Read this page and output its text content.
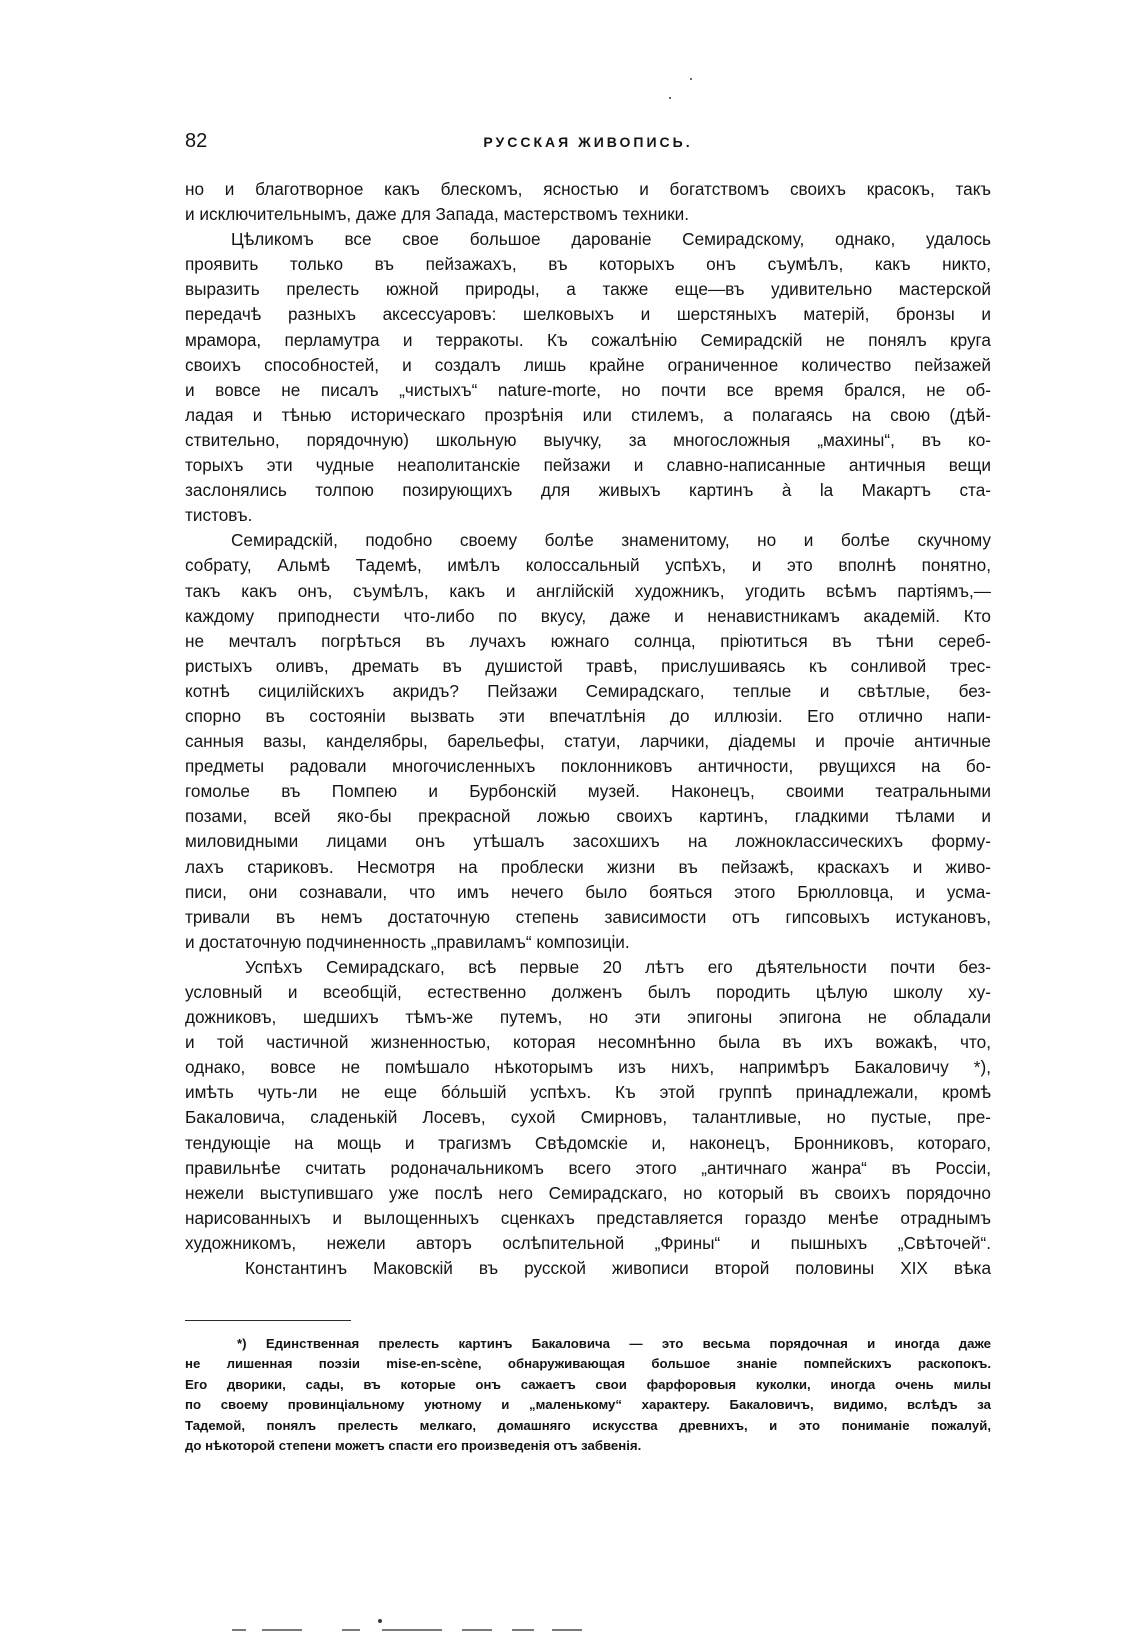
82	РУССКАЯ ЖИВОПИСЬ.
но и благотворное какъ блескомъ, ясностью и богатствомъ своихъ красокъ, такъ
и исключительнымъ, даже для Запада, мастерствомъ техники.
Цѣликомъ все свое большое дарованіе Семирадскому, однако, удалось
проявить только въ пейзажахъ, въ которыхъ онъ съумѣлъ, какъ никто,
выразить прелесть южной природы, а также еще—въ удивительно мастерской
передачѣ разныхъ аксессуаровъ: шелковыхъ и шерстяныхъ матерій, бронзы и
мрамора, перламутра и терракоты. Къ сожалѣнію Семирадскій не понялъ круга
своихъ способностей, и создалъ лишь крайне ограниченное количество пейзажей
и вовсе не писалъ „чистыхъ“ nature-morte, но почти все время брался, не об-
ладая и тѣнью историческаго прозрѣнія или стилемъ, а полагаясь на свою (дѣй-
ствительно, порядочную) школьную выучку, за многосложныя „махины“, въ ко-
торыхъ эти чудные неаполитанскіе пейзажи и славно-написанные античныя вещи
заслонялись толпою позирующихъ для живыхъ картинъ à la Макартъ ста-
тистовъ.
Семирадскій, подобно своему болѣе знаменитому, но и болѣе скучному
собрату, Альмѣ Тадемѣ, имѣлъ колоссальный успѣхъ, и это вполнѣ понятно,
такъ какъ онъ, съумѣлъ, какъ и англійскій художникъ, угодить всѣмъ партіямъ,—
каждому приподнести что-либо по вкусу, даже и ненавистникамъ академій. Кто
не мечталъ погрѣться въ лучахъ южнаго солнца, пріютиться въ тѣни сереб-
ристыхъ оливъ, дремать въ душистой травѣ, прислушиваясь къ сонливой трес-
котнѣ сицилійскихъ акридъ? Пейзажи Семирадскаго, теплые и свѣтлые, без-
спорно въ состояніи вызвать эти впечатлѣнія до иллюзіи. Его отлично напи-
санныя вазы, канделябры, барельефы, статуи, ларчики, діадемы и прочіе античные
предметы радовали многочисленныхъ поклонниковъ античности, рвущихся на бо-
гомолье въ Помпею и Бурбонскій музей. Наконецъ, своими театральными
позами, всей яко-бы прекрасной ложью своихъ картинъ, гладкими тѣлами и
миловидными лицами онъ утѣшалъ засохшихъ на ложноклассическихъ форму-
лахъ стариковъ. Несмотря на проблески жизни въ пейзажѣ, краскахъ и живо-
писи, они сознавали, что имъ нечего было бояться этого Брюлловца, и усма-
тривали въ немъ достаточную степень зависимости отъ гипсовыхъ истукановъ,
и достаточную подчиненность „правиламъ“ композиціи.
Успѣхъ Семирадскаго, всѣ первые 20 лѣтъ его дѣятельности почти без-
условный и всеобщій, естественно долженъ былъ породить цѣлую школу ху-
дожниковъ, шедшихъ тѣмъ-же путемъ, но эти эпигоны эпигона не обладали
и той частичной жизненностью, которая несомнѣнно была въ ихъ вожакѣ, что,
однако, вовсе не помѣшало нѣкоторымъ изъ нихъ, напримѣръ Бакаловичу *),
имѣть чуть-ли не еще бóльшій успѣхъ. Къ этой группѣ принадлежали, кромѣ
Бакаловича, сладенькій Лосевъ, сухой Смирновъ, талантливые, но пустые, пре-
тендующіе на мощь и трагизмъ Свѣдомскіе и, наконецъ, Бронниковъ, котораго,
правильнѣе считать родоначальникомъ всего этого „античнаго жанра“ въ Россіи,
нежели выступившаго уже послѣ него Семирадскаго, но который въ своихъ порядочно
нарисованныхъ и вылощенныхъ сценкахъ представляется гораздо менѣе отраднымъ
художникомъ, нежели авторъ ослѣпительной „Фрины“ и пышныхъ „Свѣточей“.
Константинъ Маковскій въ русской живописи второй половины XIX вѣка
*) Единственная прелесть картинъ Бакаловича — это весьма порядочная и иногда даже
не лишенная поэзіи mise-en-scène, обнаруживающая большое знаніе помпейскихъ раскопокъ.
Его дворики, сады, въ которые онъ сажаетъ свои фарфоровыя куколки, иногда очень милы
по своему провинціальному уютному и „маленькому“ характеру. Бакаловичъ, видимо, вслѣдъ за
Тадемой, понялъ прелесть мелкаго, домашняго искусства древнихъ, и это пониманіе пожалуй,
до нѣкоторой степени можетъ спасти его произведенія отъ забвенія.
